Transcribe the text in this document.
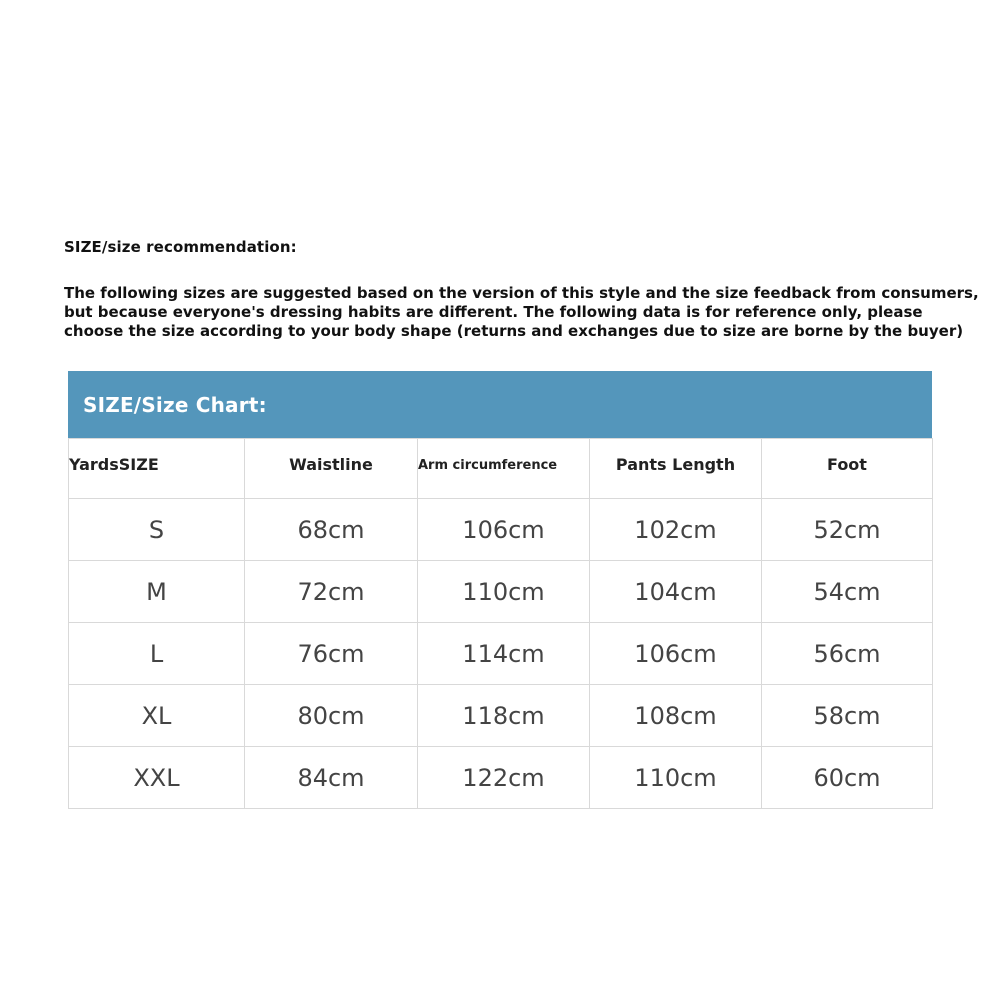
SIZE/size recommendation:
The following sizes are suggested based on the version of this style and the size feedback from consumers,
but because everyone's dressing habits are different. The following data is for reference only, please
choose the size according to your body shape (returns and exchanges due to size are borne by the buyer)
SIZE/Size Chart:
YardsSIZE	Waistline	Arm circumference	Pants Length	Foot
S	68cm	106cm	102cm	52cm
M	72cm	110cm	104cm	54cm
L	76cm	114cm	106cm	56cm
XL	80cm	118cm	108cm	58cm
XXL	84cm	122cm	110cm	60cm
